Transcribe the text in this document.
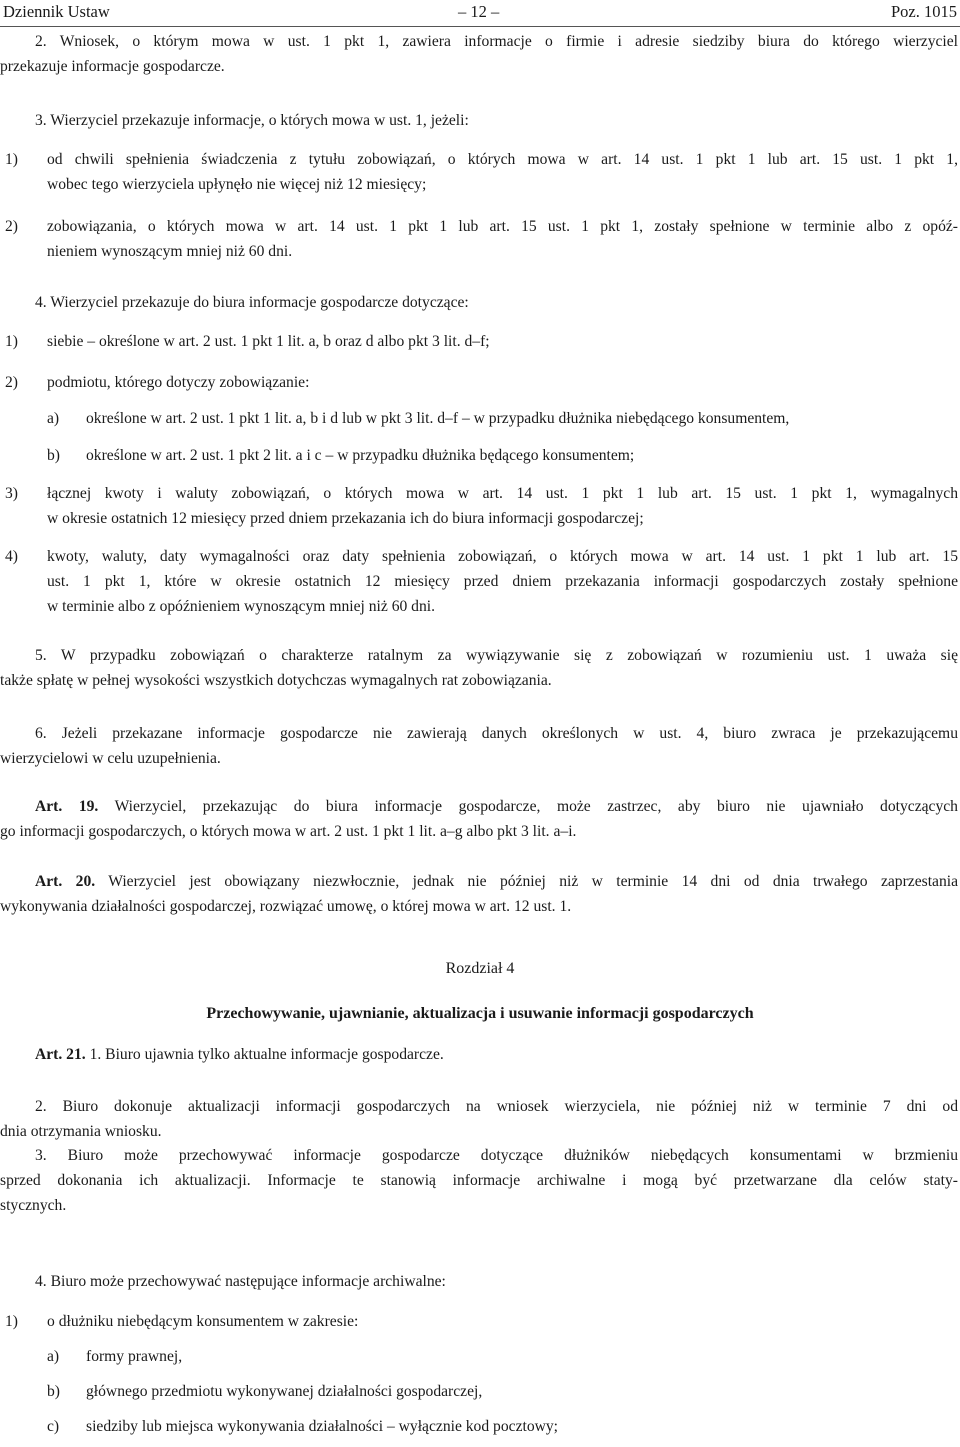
Dziennik Ustaw	– 12 –	Poz. 1015
2. Wniosek, o którym mowa w ust. 1 pkt 1, zawiera informacje o firmie i adresie siedziby biura do którego wierzyciel
przekazuje informacje gospodarcze.
3. Wierzyciel przekazuje informacje, o których mowa w ust. 1, jeżeli:
1) od chwili spełnienia świadczenia z tytułu zobowiązań, o których mowa w art. 14 ust. 1 pkt 1 lub art. 15 ust. 1 pkt 1,
wobec tego wierzyciela upłynęło nie więcej niż 12 miesięcy;
2) zobowiązania, o których mowa w art. 14 ust. 1 pkt 1 lub art. 15 ust. 1 pkt 1, zostały spełnione w terminie albo z opóź-
nieniem wynoszącym mniej niż 60 dni.
4. Wierzyciel przekazuje do biura informacje gospodarcze dotyczące:
1) siebie – określone w art. 2 ust. 1 pkt 1 lit. a, b oraz d albo pkt 3 lit. d–f;
2) podmiotu, którego dotyczy zobowiązanie:
a) określone w art. 2 ust. 1 pkt 1 lit. a, b i d lub w pkt 3 lit. d–f – w przypadku dłużnika niebędącego konsumentem,
b) określone w art. 2 ust. 1 pkt 2 lit. a i c – w przypadku dłużnika będącego konsumentem;
3) łącznej kwoty i waluty zobowiązań, o których mowa w art. 14 ust. 1 pkt 1 lub art. 15 ust. 1 pkt 1, wymagalnych
w okresie ostatnich 12 miesięcy przed dniem przekazania ich do biura informacji gospodarczej;
4) kwoty, waluty, daty wymagalności oraz daty spełnienia zobowiązań, o których mowa w art. 14 ust. 1 pkt 1 lub art. 15
ust. 1 pkt 1, które w okresie ostatnich 12 miesięcy przed dniem przekazania informacji gospodarczych zostały spełnione
w terminie albo z opóźnieniem wynoszącym mniej niż 60 dni.
5. W przypadku zobowiązań o charakterze ratalnym za wywiązywanie się z zobowiązań w rozumieniu ust. 1 uważa się
także spłatę w pełnej wysokości wszystkich dotychczas wymagalnych rat zobowiązania.
6. Jeżeli przekazane informacje gospodarcze nie zawierają danych określonych w ust. 4, biuro zwraca je przekazującemu
wierzycielowi w celu uzupełnienia.
Art. 19. Wierzyciel, przekazując do biura informacje gospodarcze, może zastrzec, aby biuro nie ujawniało dotyczących
go informacji gospodarczych, o których mowa w art. 2 ust. 1 pkt 1 lit. a–g albo pkt 3 lit. a–i.
Art. 20. Wierzyciel jest obowiązany niezwłocznie, jednak nie później niż w terminie 14 dni od dnia trwałego zaprzestania
wykonywania działalności gospodarczej, rozwiązać umowę, o której mowa w art. 12 ust. 1.
Art. 21. 1. Biuro ujawnia tylko aktualne informacje gospodarcze.
2. Biuro dokonuje aktualizacji informacji gospodarczych na wniosek wierzyciela, nie później niż w terminie 7 dni od
dnia otrzymania wniosku.
3. Biuro może przechowywać informacje gospodarcze dotyczące dłużników niebędących konsumentami w brzmieniu
sprzed dokonania ich aktualizacji. Informacje te stanowią informacje archiwalne i mogą być przetwarzane dla celów staty-
stycznych.
4. Biuro może przechowywać następujące informacje archiwalne:
1) o dłużniku niebędącym konsumentem w zakresie:
a) formy prawnej,
b) głównego przedmiotu wykonywanej działalności gospodarczej,
c) siedziby lub miejsca wykonywania działalności – wyłącznie kod pocztowy;
Rozdział 4
Przechowywanie, ujawnianie, aktualizacja i usuwanie informacji gospodarczych
